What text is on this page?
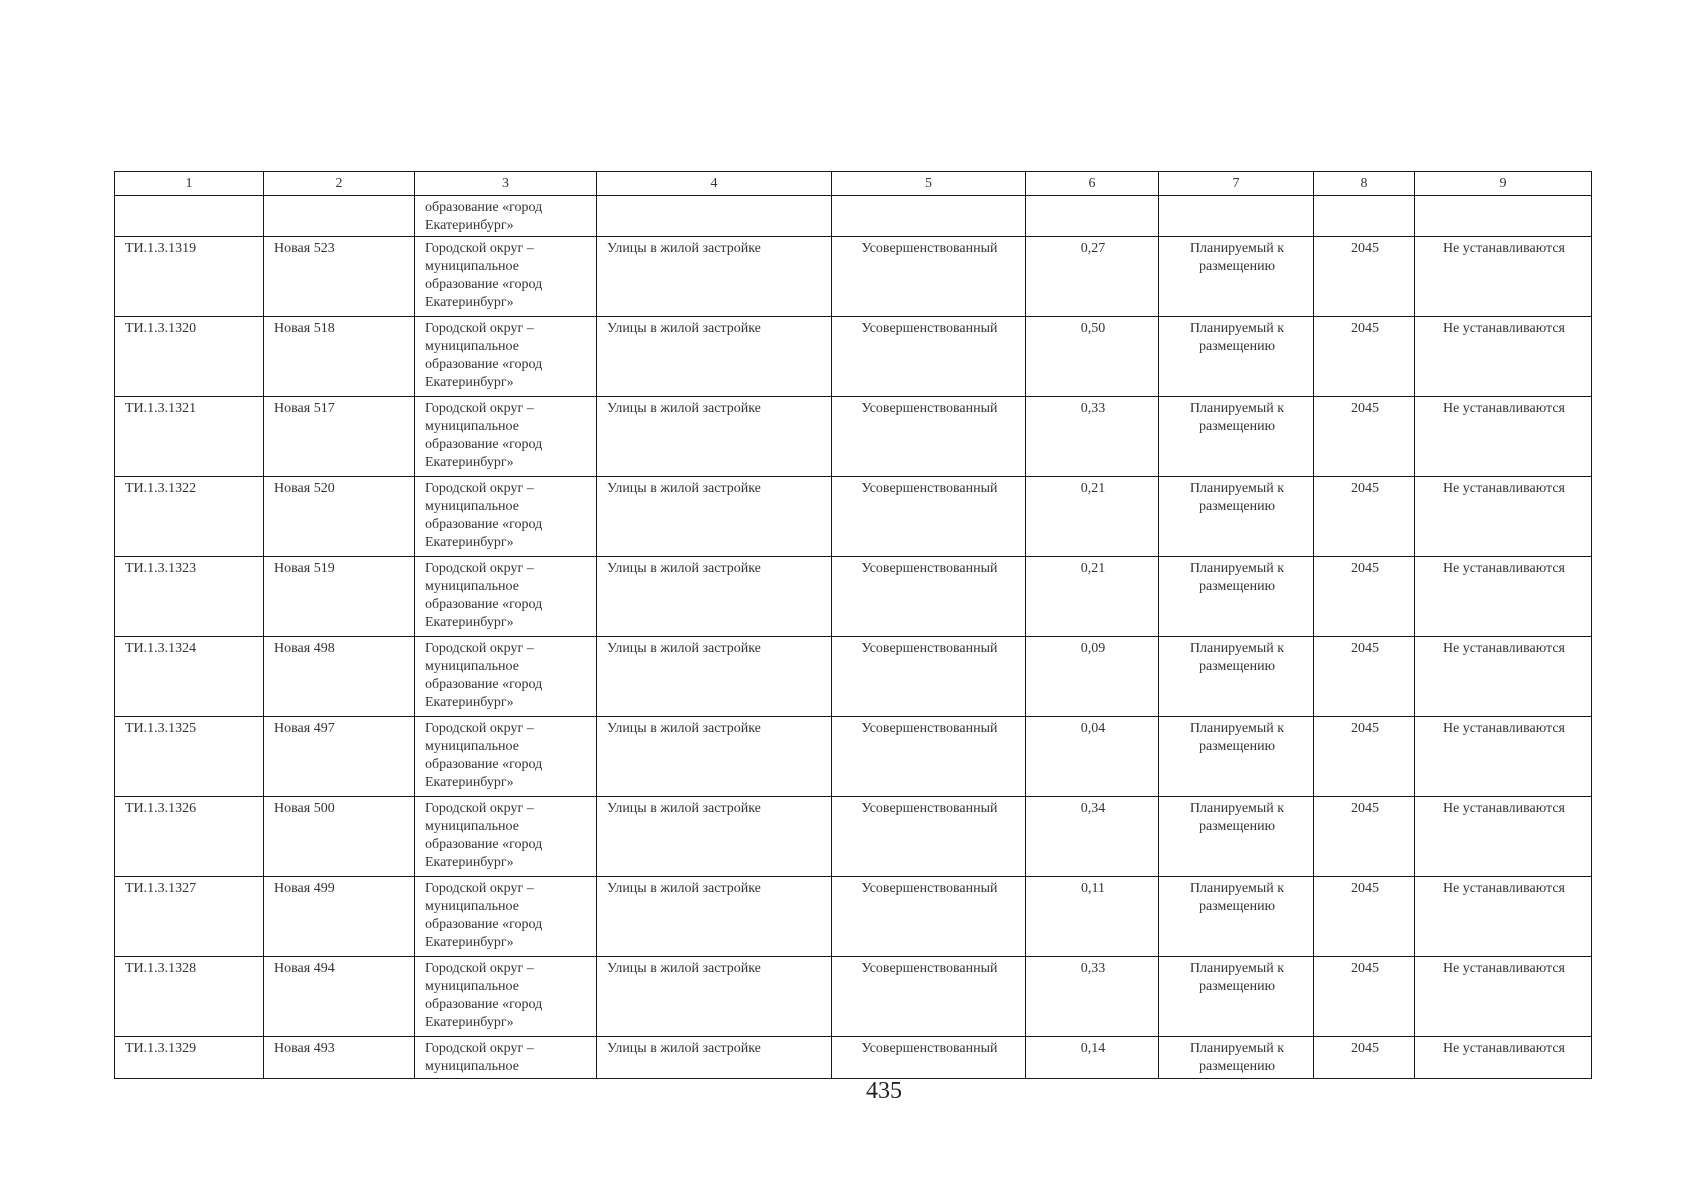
1	2	3	4	5	6	7	8	9

		образование «город
Екатеринбург»						

ТИ.1.3.1319	Новая 523	Городской округ –
муниципальное
образование «город
Екатеринбург»	Улицы в жилой застройке	Усовершенствованный	0,27	Планируемый к размещению	2045	Не устанавливаются
ТИ.1.3.1320	Новая 518	Городской округ –
муниципальное
образование «город
Екатеринбург»	Улицы в жилой застройке	Усовершенствованный	0,50	Планируемый к размещению	2045	Не устанавливаются
ТИ.1.3.1321	Новая 517	Городской округ –
муниципальное
образование «город
Екатеринбург»	Улицы в жилой застройке	Усовершенствованный	0,33	Планируемый к размещению	2045	Не устанавливаются
ТИ.1.3.1322	Новая 520	Городской округ –
муниципальное
образование «город
Екатеринбург»	Улицы в жилой застройке	Усовершенствованный	0,21	Планируемый к размещению	2045	Не устанавливаются
ТИ.1.3.1323	Новая 519	Городской округ –
муниципальное
образование «город
Екатеринбург»	Улицы в жилой застройке	Усовершенствованный	0,21	Планируемый к размещению	2045	Не устанавливаются
ТИ.1.3.1324	Новая 498	Городской округ –
муниципальное
образование «город
Екатеринбург»	Улицы в жилой застройке	Усовершенствованный	0,09	Планируемый к размещению	2045	Не устанавливаются
ТИ.1.3.1325	Новая 497	Городской округ –
муниципальное
образование «город
Екатеринбург»	Улицы в жилой застройке	Усовершенствованный	0,04	Планируемый к размещению	2045	Не устанавливаются
ТИ.1.3.1326	Новая 500	Городской округ –
муниципальное
образование «город
Екатеринбург»	Улицы в жилой застройке	Усовершенствованный	0,34	Планируемый к размещению	2045	Не устанавливаются
ТИ.1.3.1327	Новая 499	Городской округ –
муниципальное
образование «город
Екатеринбург»	Улицы в жилой застройке	Усовершенствованный	0,11	Планируемый к размещению	2045	Не устанавливаются
ТИ.1.3.1328	Новая 494	Городской округ –
муниципальное
образование «город
Екатеринбург»	Улицы в жилой застройке	Усовершенствованный	0,33	Планируемый к размещению	2045	Не устанавливаются
ТИ.1.3.1329	Новая 493	Городской округ –
муниципальное	Улицы в жилой застройке	Усовершенствованный	0,14	Планируемый к размещению	2045	Не устанавливаются
435
